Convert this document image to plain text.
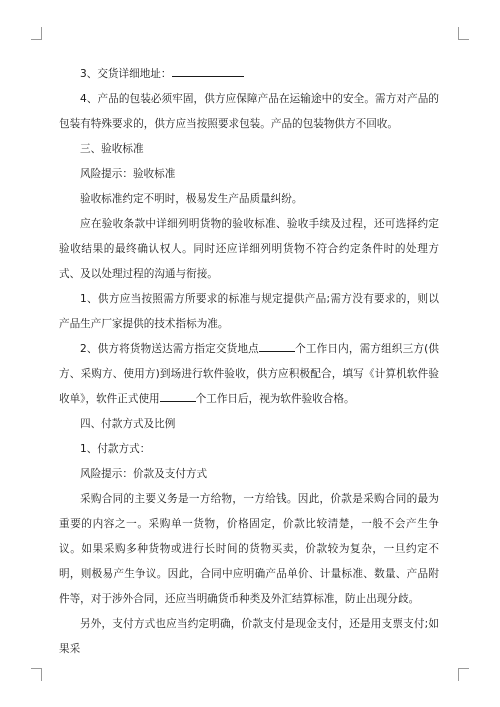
3、交货详细地址：

4、产品的包装必须牢固，供方应保障产品在运输途中的安全。需方对产品的包装有特殊要求的，供方应当按照要求包装。产品的包装物供方不回收。

三、验收标准

风险提示：验收标准

验收标准约定不明时，极易发生产品质量纠纷。

应在验收条款中详细列明货物的验收标准、验收手续及过程，还可选择约定验收结果的最终确认权人。同时还应详细列明货物不符合约定条件时的处理方式、及以处理过程的沟通与衔接。

1、供方应当按照需方所要求的标准与规定提供产品;需方没有要求的，则以产品生产厂家提供的技术指标为准。

2、供方将货物送达需方指定交货地点	个工作日内，需方组织三方(供方、采购方、使用方)到场进行软件验收，供方应积极配合，填写《计算机软件验收单》，软件正式使用	个工作日后，视为软件验收合格。

四、付款方式及比例

1、付款方式：

风险提示：价款及支付方式

采购合同的主要义务是一方给物，一方给钱。因此，价款是采购合同的最为重要的内容之一。采购单一货物，价格固定，价款比较清楚，一般不会产生争议。如果采购多种货物或进行长时间的货物买卖，价款较为复杂，一旦约定不明，则极易产生争议。因此，合同中应明确产品单价、计量标准、数量、产品附件等，对于涉外合同，还应当明确货币种类及外汇结算标准，防止出现分歧。

另外，支付方式也应当约定明确，价款支付是现金支付，还是用支票支付;如果采
